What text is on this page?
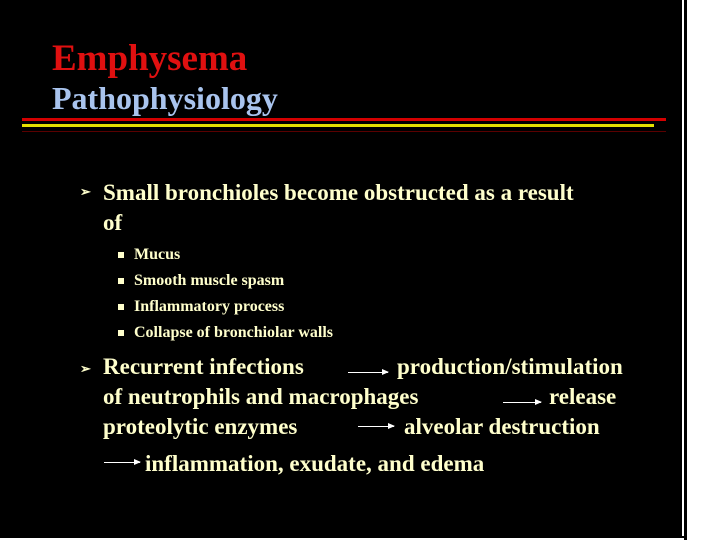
Emphysema
Pathophysiology
➢ Small bronchioles become obstructed as a result
of
Mucus
Smooth muscle spasm
Inflammatory process
Collapse of bronchiolar walls
➢ Recurrent infections	production/stimulation
of neutrophils and macrophages	release
proteolytic enzymes	alveolar destruction
inflammation, exudate, and edema
